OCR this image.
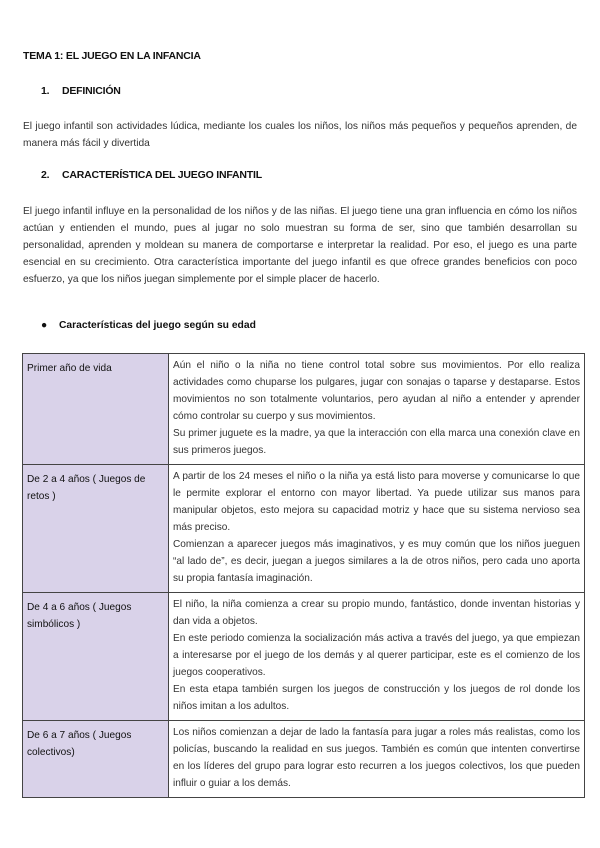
TEMA 1: EL JUEGO EN LA INFANCIA
1. DEFINICIÓN
El juego infantil son actividades lúdica, mediante los cuales los niños, los niños más pequeños y pequeños aprenden, de manera más fácil y divertida
2. CARACTERÍSTICA DEL JUEGO INFANTIL
El juego infantil influye en la personalidad de los niños y de las niñas. El juego tiene una gran influencia en cómo los niños actúan y entienden el mundo, pues al jugar no solo muestran su forma de ser, sino que también desarrollan su personalidad, aprenden y moldean su manera de comportarse e interpretar la realidad. Por eso, el juego es una parte esencial en su crecimiento. Otra característica importante del juego infantil es que ofrece grandes beneficios con poco esfuerzo, ya que los niños juegan simplemente por el simple placer de hacerlo.
● Características del juego según su edad
Primer año de vida	Aún el niño o la niña no tiene control total sobre sus movimientos. Por ello realiza actividades como chuparse los pulgares, jugar con sonajas o taparse y destaparse. Estos movimientos no son totalmente voluntarios, pero ayudan al niño a entender y aprender cómo controlar su cuerpo y sus movimientos.

Su primer juguete es la madre, ya que la interacción con ella marca una conexión clave en sus primeros juegos.

De 2 a 4 años ( Juegos de retos )	A partir de los 24 meses el niño o la niña ya está listo para moverse y comunicarse lo que le permite explorar el entorno con mayor libertad. Ya puede utilizar sus manos para manipular objetos, esto mejora su capacidad motriz y hace que su sistema nervioso sea más preciso.

Comienzan a aparecer juegos más imaginativos, y es muy común que los niños jueguen “al lado de”, es decir, juegan a juegos similares a la de otros niños, pero cada uno aporta su propia fantasía imaginación.

De 4 a 6 años ( Juegos simbólicos )	El niño, la niña comienza a crear su propio mundo, fantástico, donde inventan historias y dan vida a objetos.

En este periodo comienza la socialización más activa a través del juego, ya que empiezan a interesarse por el juego de los demás y al querer participar, este es el comienzo de los juegos cooperativos.

En esta etapa también surgen los juegos de construcción y los juegos de rol donde los niños imitan a los adultos.

De 6 a 7 años ( Juegos colectivos)	Los niños comienzan a dejar de lado la fantasía para jugar a roles más realistas, como los policías, buscando la realidad en sus juegos. También es común que intenten convertirse en los líderes del grupo para lograr esto recurren a los juegos colectivos, los que pueden influir o guiar a los demás.
